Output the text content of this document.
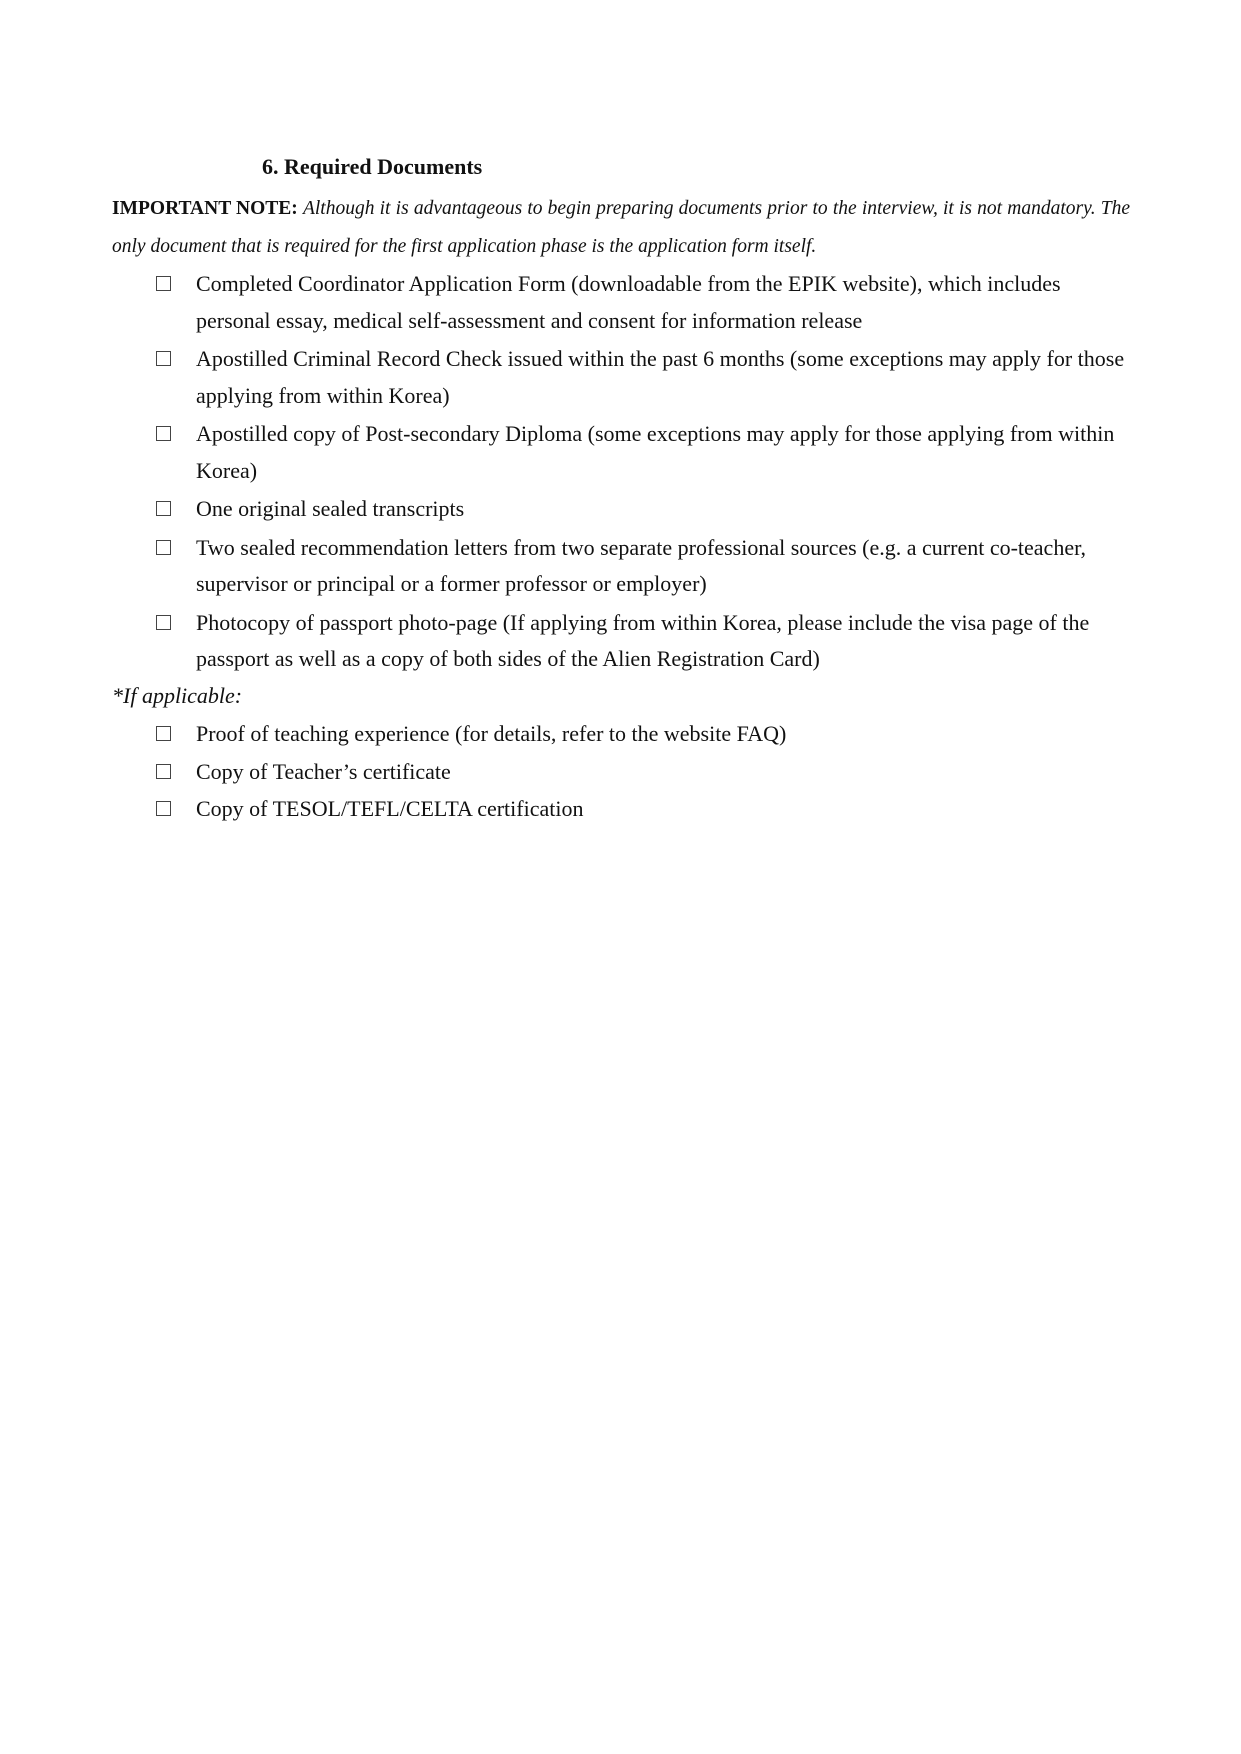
6. Required Documents
IMPORTANT NOTE: Although it is advantageous to begin preparing documents prior to the interview, it is not mandatory. The only document that is required for the first application phase is the application form itself.
Completed Coordinator Application Form (downloadable from the EPIK website), which includes personal essay, medical self-assessment and consent for information release
Apostilled Criminal Record Check issued within the past 6 months (some exceptions may apply for those applying from within Korea)
Apostilled copy of Post-secondary Diploma (some exceptions may apply for those applying from within Korea)
One original sealed transcripts
Two sealed recommendation letters from two separate professional sources (e.g. a current co-teacher, supervisor or principal or a former professor or employer)
Photocopy of passport photo-page (If applying from within Korea, please include the visa page of the passport as well as a copy of both sides of the Alien Registration Card)
*If applicable:
Proof of teaching experience (for details, refer to the website FAQ)
Copy of Teacher’s certificate
Copy of TESOL/TEFL/CELTA certification
